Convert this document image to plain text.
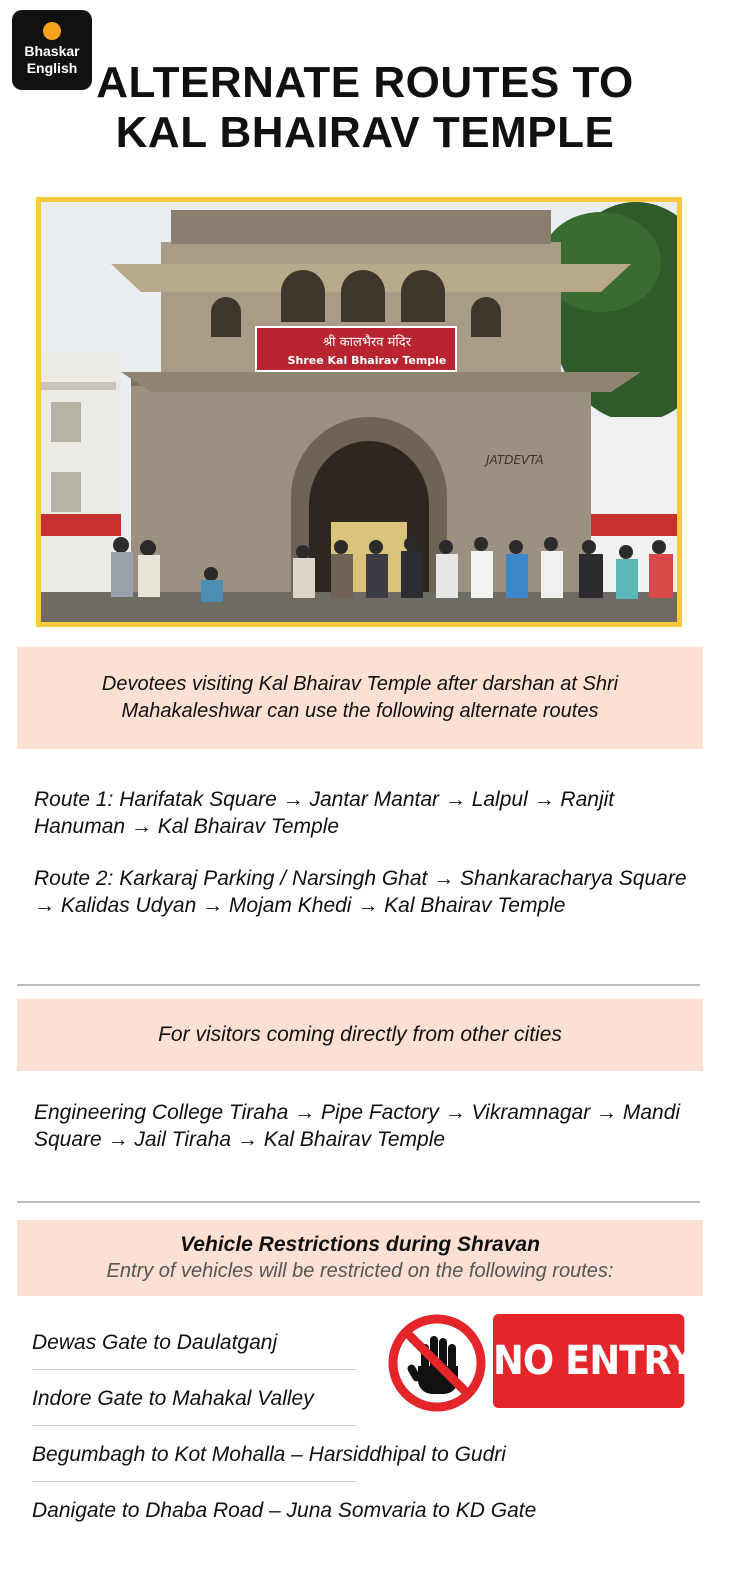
Bhaskar
English ALTERNATE ROUTES TO
KAL BHAIRAV TEMPLE
श्री कालभैरव मंदिर
Shree Kal Bhairav Temple
JATDEVTA
Devotees visiting Kal Bhairav Temple after darshan at Shri Mahakaleshwar can use the following alternate routes
Route 1: Harifatak Square → Jantar Mantar → Lalpul → Ranjit Hanuman → Kal Bhairav Temple
Route 2: Karkaraj Parking / Narsingh Ghat → Shankaracharya Square → Kalidas Udyan → Mojam Khedi → Kal Bhairav Temple
For visitors coming directly from other cities
Engineering College Tiraha → Pipe Factory → Vikramnagar → Mandi Square → Jail Tiraha → Kal Bhairav Temple
Vehicle Restrictions during Shravan
Entry of vehicles will be restricted on the following routes:
Dewas Gate to Daulatganj
Indore Gate to Mahakal Valley
Begumbagh to Kot Mohalla – Harsiddhipal to Gudri
Danigate to Dhaba Road – Juna Somvaria to KD Gate
NO ENTRY
